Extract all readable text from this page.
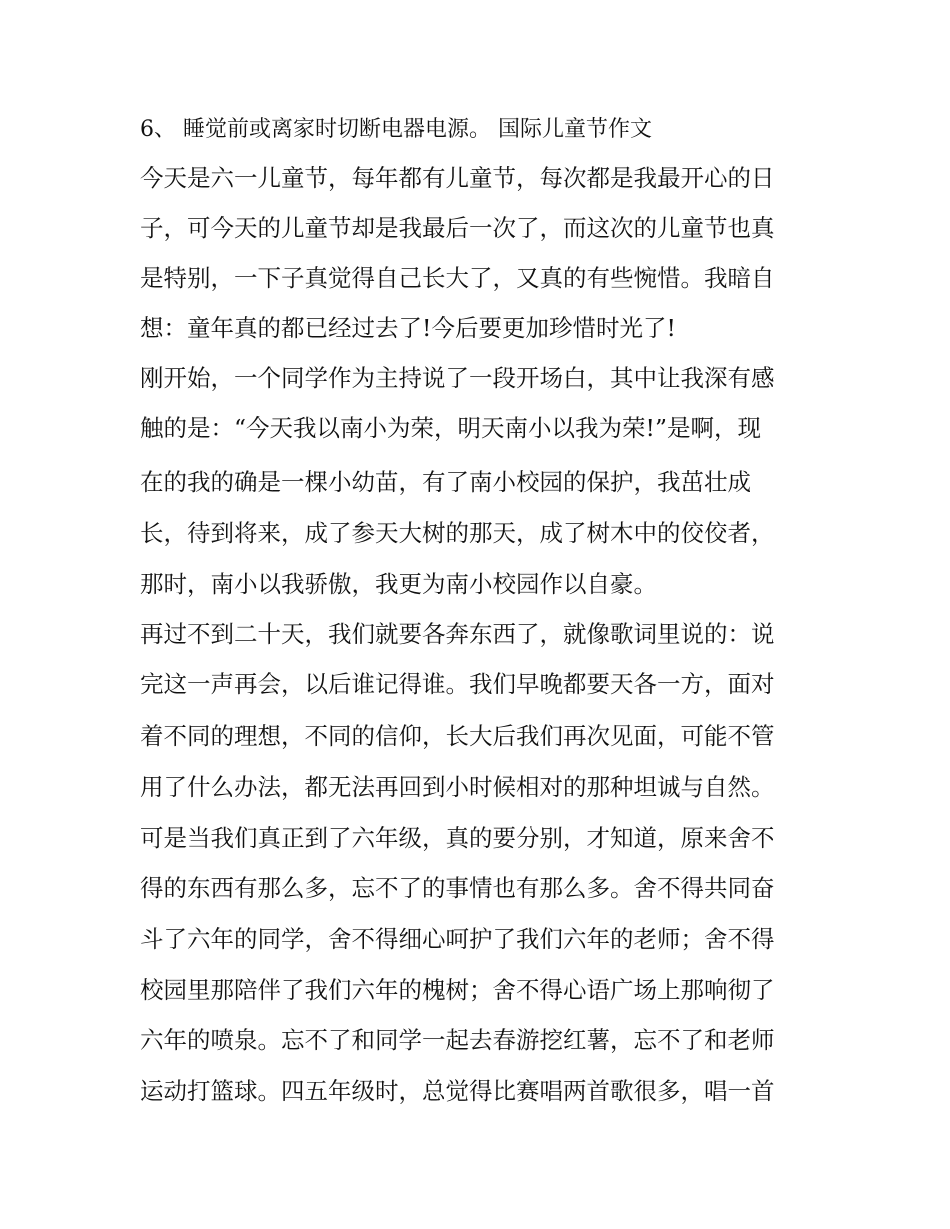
6、 睡觉前或离家时切断电器电源。 国际儿童节作文
今天是六一儿童节，每年都有儿童节，每次都是我最开心的日
子，可今天的儿童节却是我最后一次了，而这次的儿童节也真
是特别，一下子真觉得自己长大了，又真的有些惋惜。我暗自
想：童年真的都已经过去了!今后要更加珍惜时光了!
刚开始，一个同学作为主持说了一段开场白，其中让我深有感
触的是：“今天我以南小为荣，明天南小以我为荣!”是啊，现
在的我的确是一棵小幼苗，有了南小校园的保护，我茁壮成
长，待到将来，成了参天大树的那天，成了树木中的佼佼者，
那时，南小以我骄傲，我更为南小校园作以自豪。
再过不到二十天，我们就要各奔东西了，就像歌词里说的：说
完这一声再会，以后谁记得谁。我们早晚都要天各一方，面对
着不同的理想，不同的信仰，长大后我们再次见面，可能不管
用了什么办法，都无法再回到小时候相对的那种坦诚与自然。
可是当我们真正到了六年级，真的要分别，才知道，原来舍不
得的东西有那么多，忘不了的事情也有那么多。舍不得共同奋
斗了六年的同学，舍不得细心呵护了我们六年的老师；舍不得
校园里那陪伴了我们六年的槐树；舍不得心语广场上那响彻了
六年的喷泉。忘不了和同学一起去春游挖红薯，忘不了和老师
运动打篮球。四五年级时，总觉得比赛唱两首歌很多，唱一首
